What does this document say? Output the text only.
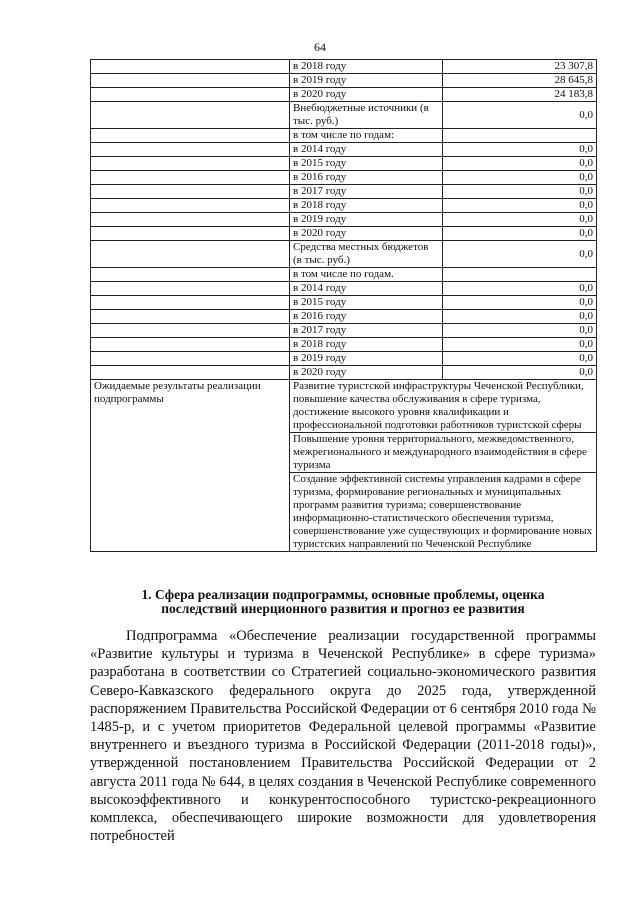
64
	в 2018 году	23 307,8
	в 2019 году	28 645,8
	в 2020 году	24 183,8
	Внебюджетные источники (в тыс. руб.)	0,0
	в том числе по годам:	
	в 2014 году	0,0
	в 2015 году	0,0
	в 2016 году	0,0
	в 2017 году	0,0
	в 2018 году	0,0
	в 2019 году	0,0
	в 2020 году	0,0
	Средства местных бюджетов (в тыс. руб.)	0,0
	в том числе по годам.	
	в 2014 году	0,0
	в 2015 году	0,0
	в 2016 году	0,0
	в 2017 году	0,0
	в 2018 году	0,0
	в 2019 году	0,0
	в 2020 году	0,0
Ожидаемые результаты реализации подпрограммы	Развитие туристской инфраструктуры Чеченской Республики, повышение качества обслуживания в сфере туризма, достижение высокого уровня квалификации и профессиональной подготовки работников туристской сферы	
	Повышение уровня территориального, межведомственного, межрегионального и международного взаимодействия в сфере туризма	
	Создание эффективной системы управления кадрами в сфере туризма, формирование региональных и муниципальных программ развития туризма; совершенствование информационно-статистического обеспечения туризма, совершенствование уже существующих и формирование новых туристских направлений по Чеченской Республике	
1. Сфера реализации подпрограммы, основные проблемы, оценка
последствий инерционного развития и прогноз ее развития

Подпрограмма «Обеспечение реализации государственной программы «Развитие культуры и туризма в Чеченской Республике» в сфере туризма» разработана в соответствии со Стратегией социально-экономического развития Северо-Кавказского федерального округа до 2025 года, утвержденной распоряжением Правительства Российской Федерации от 6 сентября 2010 года № 1485-р, и с учетом приоритетов Федеральной целевой программы «Развитие внутреннего и въездного туризма в Российской Федерации (2011-2018 годы)», утвержденной постановлением Правительства Российской Федерации от 2 августа 2011 года № 644, в целях создания в Чеченской Республике современного высокоэффективного и конкурентоспособного туристско-рекреационного комплекса, обеспечивающего широкие возможности для удовлетворения потребностей
